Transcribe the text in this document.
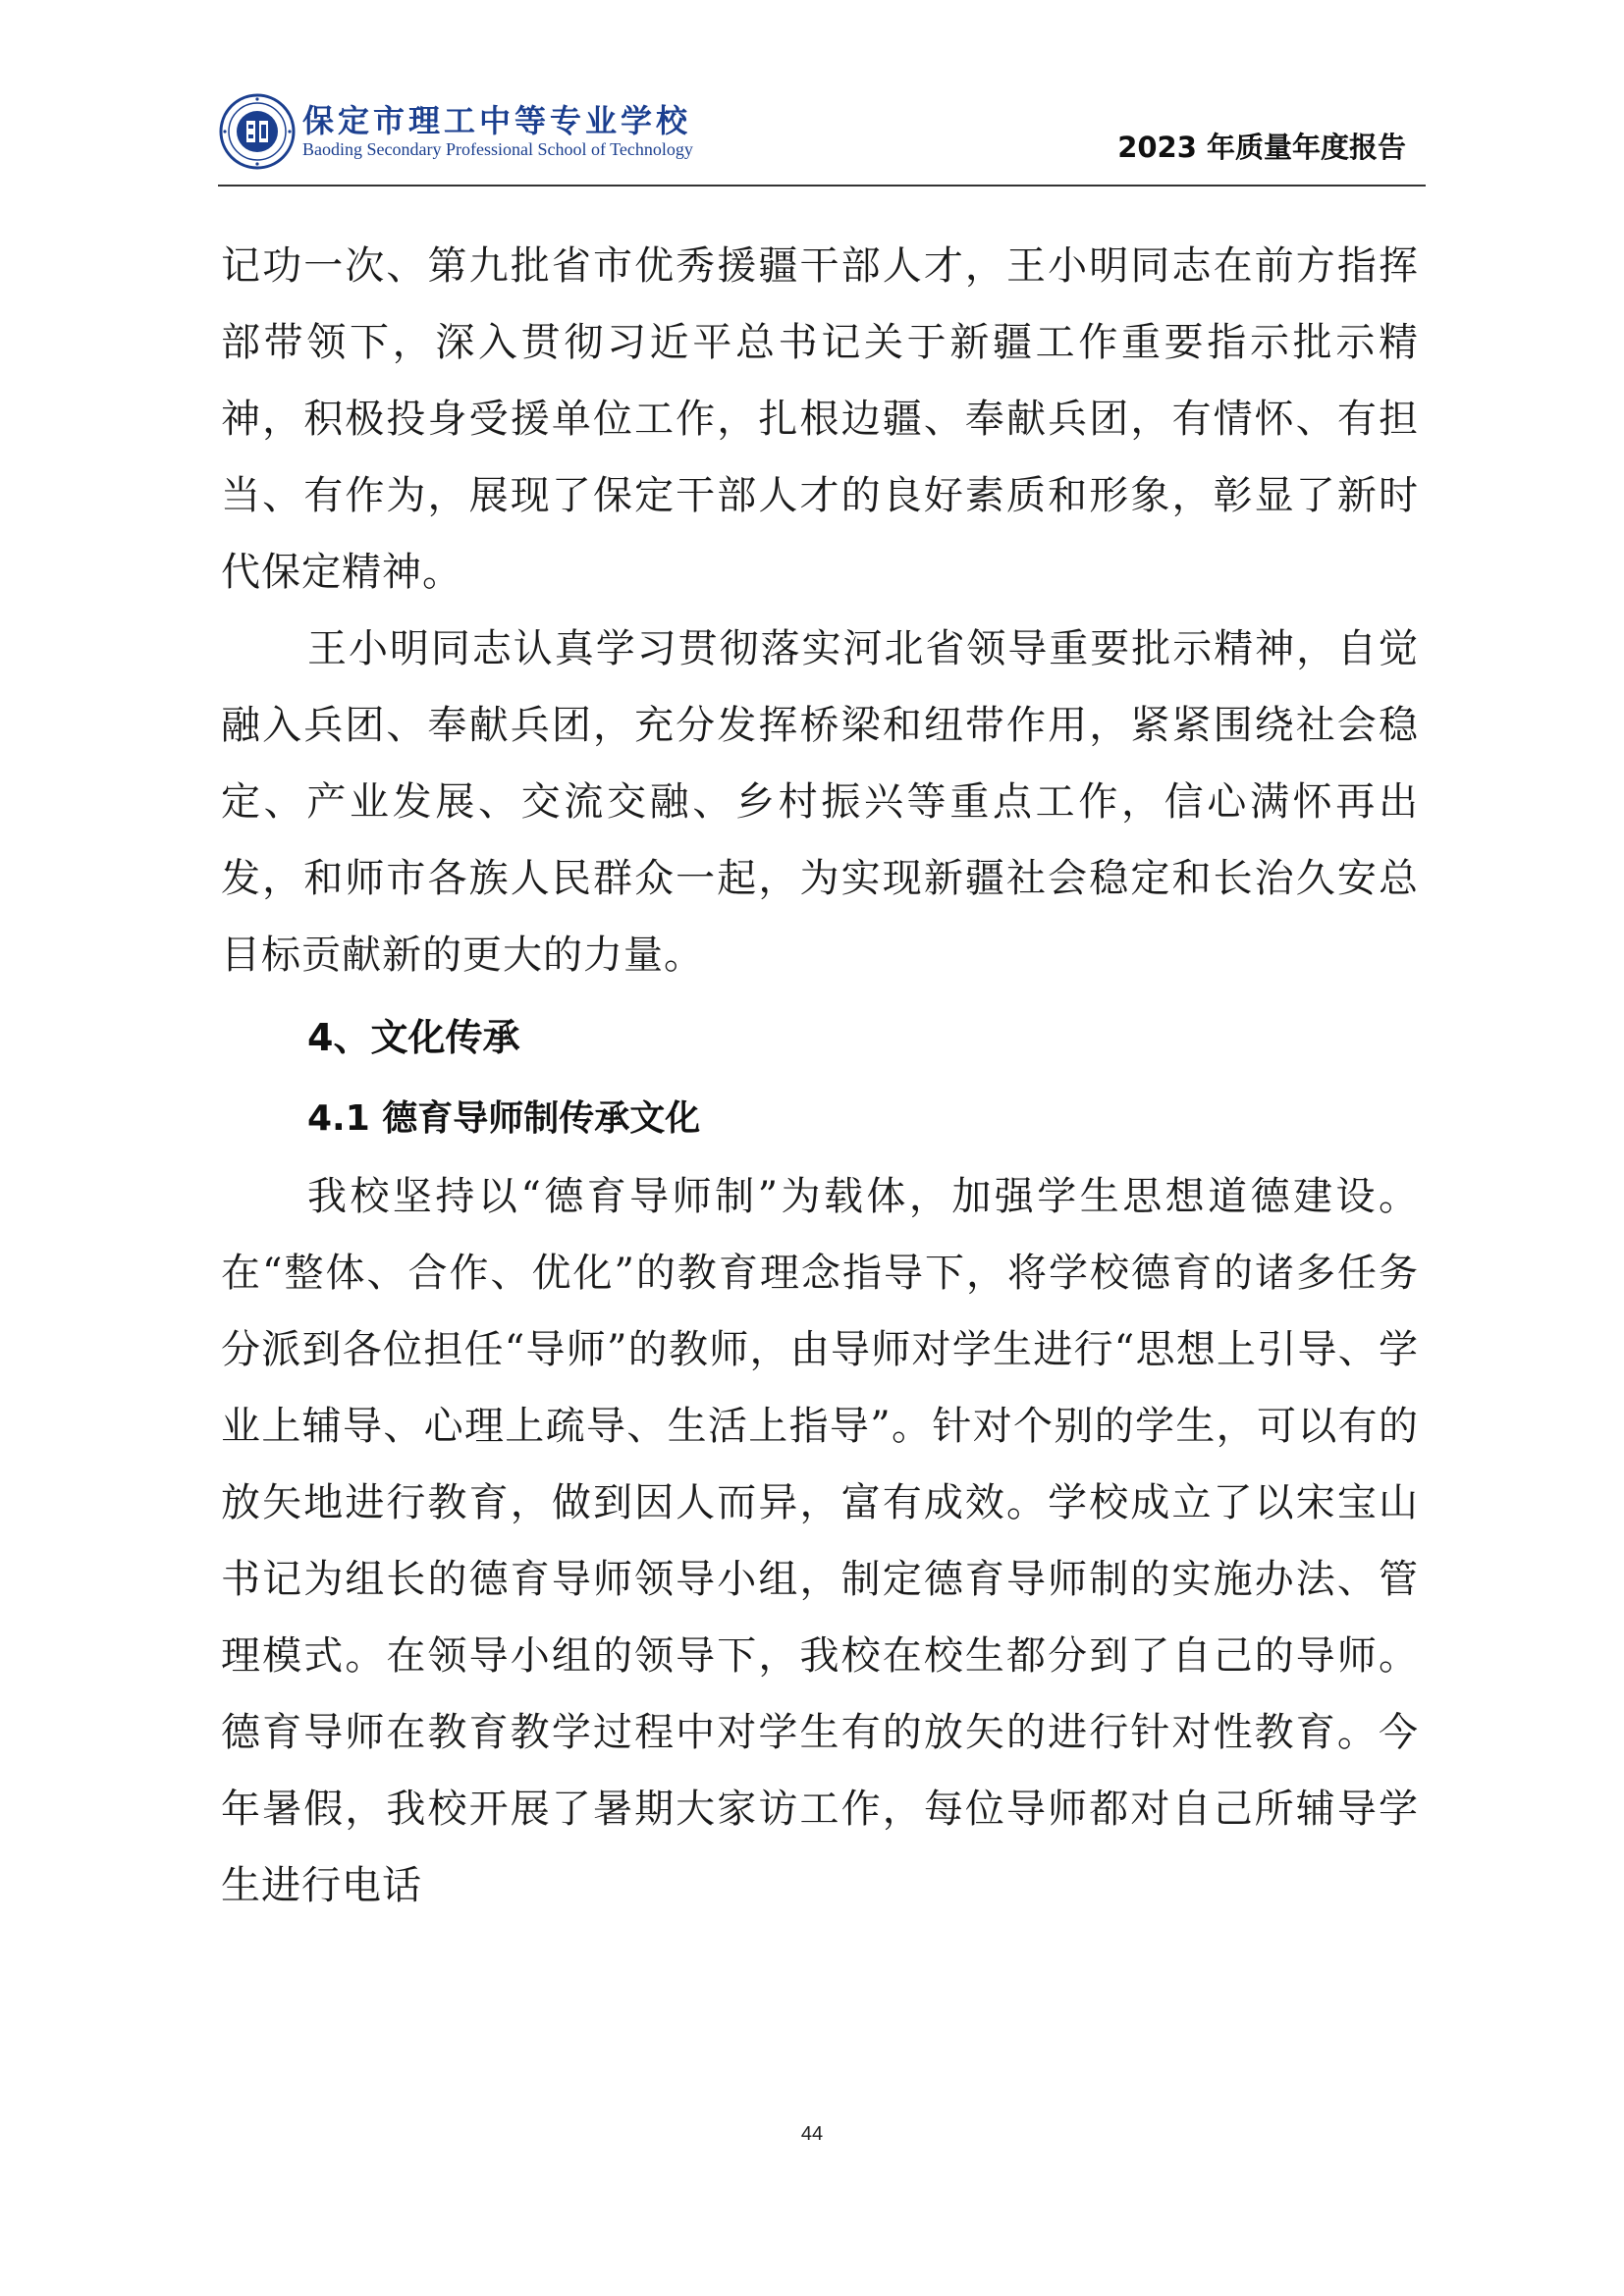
保定市理工中等专业学校
Baoding Secondary Professional School of Technology	2023 年质量年度报告

记功一次、第九批省市优秀援疆干部人才，王小明同志在前方指挥部带领下，深入贯彻习近平总书记关于新疆工作重要指示批示精神，积极投身受援单位工作，扎根边疆、奉献兵团，有情怀、有担当、有作为，展现了保定干部人才的良好素质和形象，彰显了新时代保定精神。

王小明同志认真学习贯彻落实河北省领导重要批示精神，自觉融入兵团、奉献兵团，充分发挥桥梁和纽带作用，紧紧围绕社会稳定、产业发展、交流交融、乡村振兴等重点工作，信心满怀再出发，和师市各族人民群众一起，为实现新疆社会稳定和长治久安总目标贡献新的更大的力量。

4、文化传承
4.1 德育导师制传承文化

我校坚持以“德育导师制”为载体，加强学生思想道德建设。在“整体、合作、优化”的教育理念指导下，将学校德育的诸多任务分派到各位担任“导师”的教师，由导师对学生进行“思想上引导、学业上辅导、心理上疏导、生活上指导”。针对个别的学生，可以有的放矢地进行教育，做到因人而异，富有成效。学校成立了以宋宝山书记为组长的德育导师领导小组，制定德育导师制的实施办法、管理模式。在领导小组的领导下，我校在校生都分到了自己的导师。德育导师在教育教学过程中对学生有的放矢的进行针对性教育。今年暑假，我校开展了暑期大家访工作，每位导师都对自己所辅导学生进行电话

44
